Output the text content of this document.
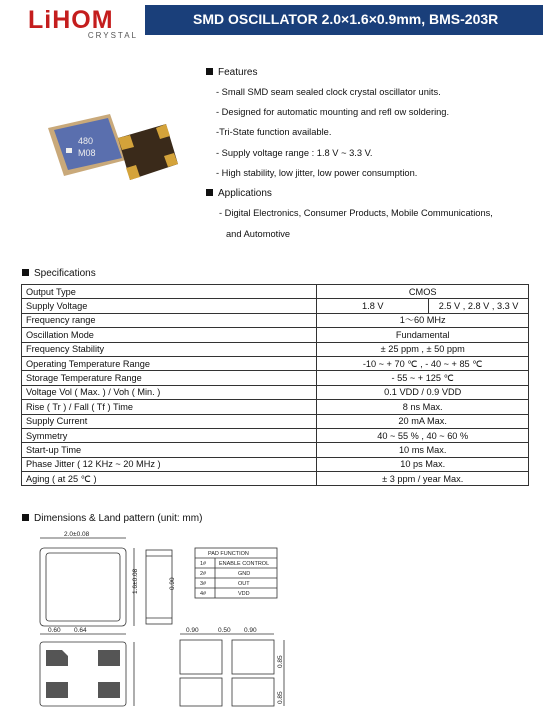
LiHOM
CRYSTAL
SMD OSCILLATOR 2.0×1.6×0.9mm, BMS-203R
480
M08
Features
- Small SMD seam sealed clock crystal oscillator units.
- Designed for automatic mounting and refl ow soldering.
-Tri-State function available.
- Supply voltage range : 1.8 V ~ 3.3 V.
- High stability, low jitter, low power consumption.
Applications
- Digital Electronics, Consumer Products, Mobile Communications,
and Automotive
Specifications
Output Type	CMOS	
Supply Voltage	1.8 V	2.5 V , 2.8 V , 3.3 V
Frequency range	1～60 MHz	
Oscillation Mode	Fundamental	
Frequency Stability	± 25 ppm , ± 50 ppm	
Operating Temperature Range	-10 ~ + 70 ℃ , - 40 ~ + 85 ℃	
Storage Temperature Range	- 55 ~ + 125 ℃	
Voltage Vol ( Max. ) / Voh ( Min. )	0.1 VDD / 0.9 VDD	
Rise ( Tr ) / Fall ( Tf ) Time	8 ns Max.	
Supply Current	20 mA Max.	
Symmetry	40 ~ 55 % , 40 ~ 60 %	
Start-up Time	10 ms Max.	
Phase Jitter ( 12 KHz ~ 20 MHz )	10 ps Max.	
Aging ( at 25 ℃ )	± 3 ppm / year Max.	
Dimensions & Land pattern (unit: mm)
2.0±0.08
1.6±0.08	0.90
PAD FUNCTION
1# ENABLE CONTROL
2#	GND
3#	OUT
4#	VDD
0.60 0.64	0.90	0.50 0.90
0.85
0.85
